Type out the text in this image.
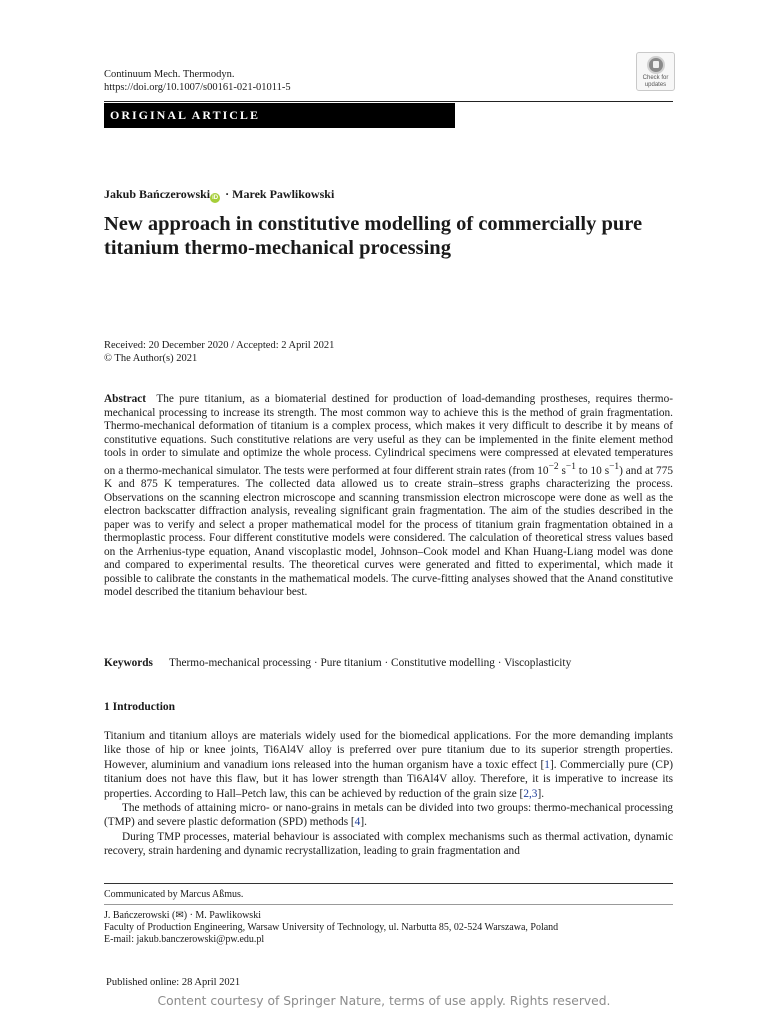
Continuum Mech. Thermodyn.
https://doi.org/10.1007/s00161-021-01011-5
Check for
updates
ORIGINAL ARTICLE
Jakub Bańczerowski iD · Marek Pawlikowski
New approach in constitutive modelling of commercially pure titanium thermo-mechanical processing
Received: 20 December 2020 / Accepted: 2 April 2021
© The Author(s) 2021
Abstract The pure titanium, as a biomaterial destined for production of load-demanding prostheses, requires thermo-mechanical processing to increase its strength. The most common way to achieve this is the method of grain fragmentation. Thermo-mechanical deformation of titanium is a complex process, which makes it very difficult to describe it by means of constitutive equations. Such constitutive relations are very useful as they can be implemented in the finite element method tools in order to simulate and optimize the whole process. Cylindrical specimens were compressed at elevated temperatures on a thermo-mechanical simulator. The tests were performed at four different strain rates (from $10^{-2}$ $s^{-1}$ to 10 $s^{-1}$) and at 775 K and 875 K temperatures. The collected data allowed us to create strain–stress graphs characterizing the process. Observations on the scanning electron microscope and scanning transmission electron microscope were done as well as the electron backscatter diffraction analysis, revealing significant grain fragmentation. The aim of the studies described in the paper was to verify and select a proper mathematical model for the process of titanium grain fragmentation obtained in a thermoplastic process. Four different constitutive models were considered. The calculation of theoretical stress values based on the Arrhenius-type equation, Anand viscoplastic model, Johnson–Cook model and Khan Huang-Liang model was done and compared to experimental results. The theoretical curves were generated and fitted to experimental, which made it possible to calibrate the constants in the mathematical models. The curve-fitting analyses showed that the Anand constitutive model described the titanium behaviour best.
Keywords Thermo-mechanical processing · Pure titanium · Constitutive modelling · Viscoplasticity
1 Introduction

Titanium and titanium alloys are materials widely used for the biomedical applications. For the more demanding implants like those of hip or knee joints, Ti6Al4V alloy is preferred over pure titanium due to its superior strength properties. However, aluminium and vanadium ions released into the human organism have a toxic effect [1]. Commercially pure (CP) titanium does not have this flaw, but it has lower strength than Ti6Al4V alloy. Therefore, it is imperative to increase its properties. According to Hall–Petch law, this can be achieved by reduction of the grain size [2,3].

The methods of attaining micro- or nano-grains in metals can be divided into two groups: thermo-mechanical processing (TMP) and severe plastic deformation (SPD) methods [4].

During TMP processes, material behaviour is associated with complex mechanisms such as thermal activation, dynamic recovery, strain hardening and dynamic recrystallization, leading to grain fragmentation and

Communicated by Marcus Aßmus.
J. Bańczerowski (✉) · M. Pawlikowski
Faculty of Production Engineering, Warsaw University of Technology, ul. Narbutta 85, 02-524 Warszawa, Poland
E-mail: jakub.banczerowski@pw.edu.pl
Published online: 28 April 2021
Content courtesy of Springer Nature, terms of use apply. Rights reserved.
